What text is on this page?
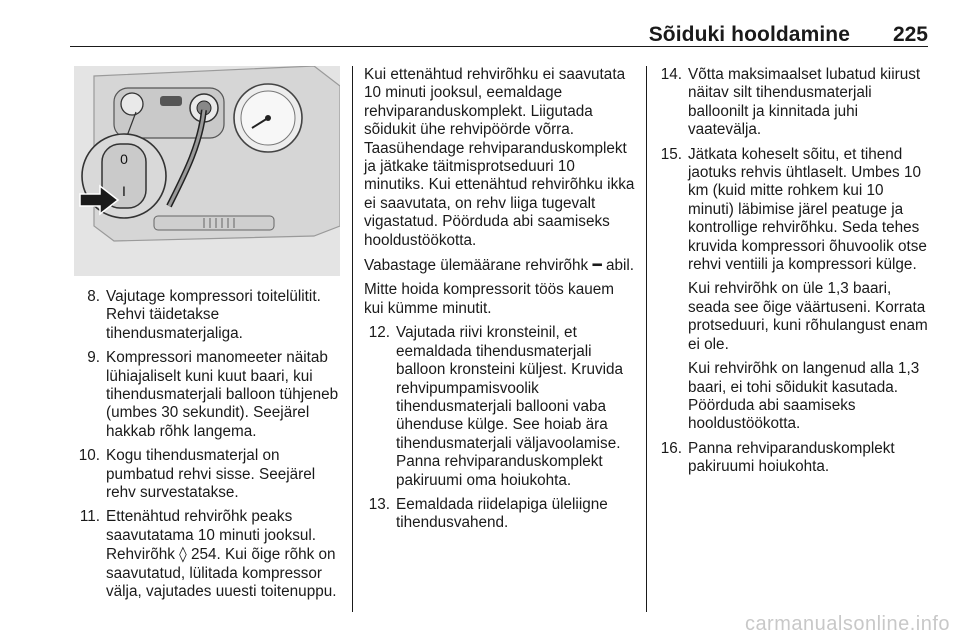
Sõiduki hooldamine 225
0
I
8. Vajutage kompressori toitelülitit. Rehvi täidetakse tihendusmaterjaliga.
9. Kompressori manomeeter näitab lühiajaliselt kuni kuut baari, kui tihendusmaterjali balloon tühjeneb (umbes 30 sekundit). Seejärel hakkab rõhk langema.
10. Kogu tihendusmaterjal on pumbatud rehvi sisse. Seejärel rehv survestatakse.
11. Ettenähtud rehvirõhk peaks saavutatama 10 minuti jooksul. Rehvirõhk ◊ 254. Kui õige rõhk on saavutatud, lülitada kompressor välja, vajutades uuesti toitenuppu.

Kui ettenähtud rehvirõhku ei saavutata 10 minuti jooksul, eemaldage rehviparanduskomplekt. Liigutada sõidukit ühe rehvipöörde võrra. Taasühendage rehviparanduskomplekt ja jätkake täitmisprotseduuri 10 minutiks. Kui ettenähtud rehvirõhku ikka ei saavutata, on rehv liiga tugevalt vigastatud. Pöörduda abi saamiseks hooldustöökotta.

Vabastage ülemäärane rehvirõhk ━ abil.

Mitte hoida kompressorit töös kauem kui kümme minutit.

12. Vajutada riivi kronsteinil, et eemaldada tihendusmaterjali balloon kronsteini küljest. Kruvida rehvipumpamisvoolik tihendusmaterjali ballooni vaba ühenduse külge. See hoiab ära tihendusmaterjali väljavoolamise. Panna rehviparanduskomplekt pakiruumi oma hoiukohta.
13. Eemaldada riidelapiga üleliigne tihendusvahend.
14. Võtta maksimaalset lubatud kiirust näitav silt tihendusmaterjali balloonilt ja kinnitada juhi vaatevälja.
15. Jätkata koheselt sõitu, et tihend jaotuks rehvis ühtlaselt. Umbes 10 km (kuid mitte rohkem kui 10 minuti) läbimise järel peatuge ja kontrollige rehvirõhku. Seda tehes kruvida kompressori õhuvoolik otse rehvi ventiili ja kompressori külge.

Kui rehvirõhk on üle 1,3 baari, seada see õige väärtuseni. Korrata protseduuri, kuni rõhulangust enam ei ole.

Kui rehvirõhk on langenud alla 1,3 baari, ei tohi sõidukit kasutada. Pöörduda abi saamiseks hooldustöökotta.

16. Panna rehviparanduskomplekt pakiruumi hoiukohta.
carmanualsonline.info
